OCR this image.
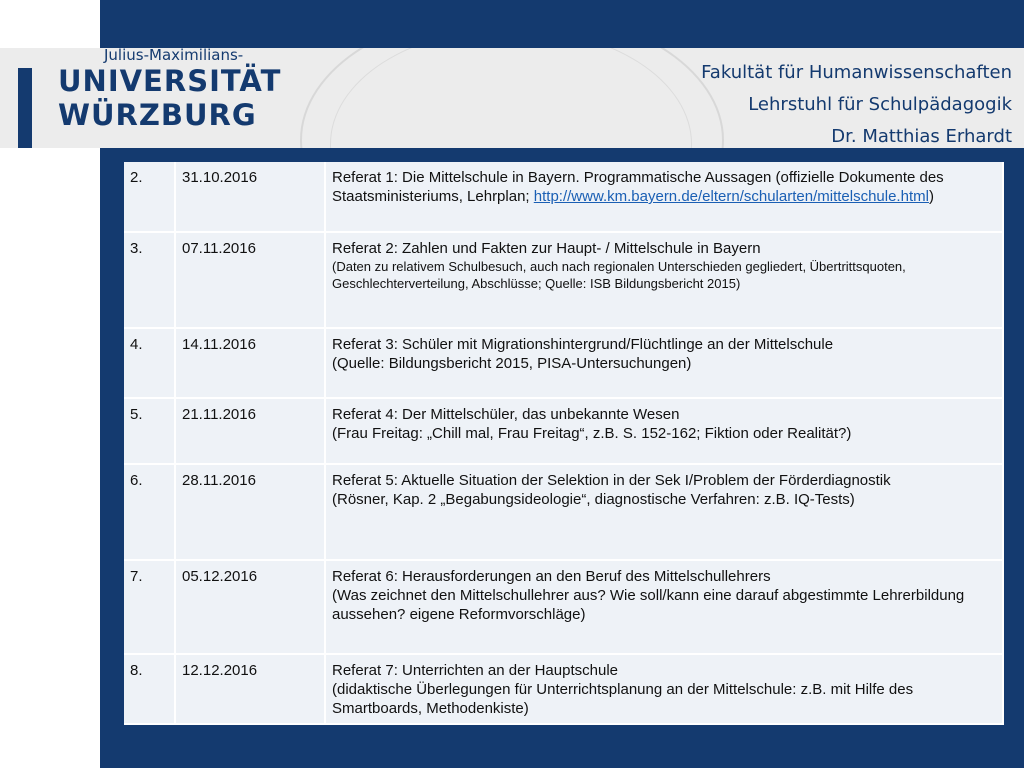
Julius-Maximilians-
UNIVERSITÄT
WÜRZBURG
Fakultät für Humanwissenschaften
Lehrstuhl für Schulpädagogik
Dr. Matthias Erhardt
2.	31.10.2016	Referat 1: Die Mittelschule in Bayern. Programmatische Aussagen (offizielle Dokumente des Staatsministeriums, Lehrplan; http://www.km.bayern.de/eltern/schularten/mittelschule.html)
3.	07.11.2016	Referat 2: Zahlen und Fakten zur Haupt- / Mittelschule in Bayern
(Daten zu relativem Schulbesuch, auch nach regionalen Unterschieden gegliedert, Übertrittsquoten, Geschlechterverteilung, Abschlüsse; Quelle: ISB Bildungsbericht 2015)

4.	14.11.2016	Referat 3: Schüler mit Migrationshintergrund/Flüchtlinge an der Mittelschule
(Quelle: Bildungsbericht 2015, PISA-Untersuchungen)

5.	21.11.2016	Referat 4: Der Mittelschüler, das unbekannte Wesen
(Frau Freitag: „Chill mal, Frau Freitag“, z.B. S. 152-162; Fiktion oder Realität?)

6.	28.11.2016	Referat 5: Aktuelle Situation der Selektion in der Sek I/Problem der Förderdiagnostik
(Rösner, Kap. 2 „Begabungsideologie“, diagnostische Verfahren: z.B. IQ-Tests)

7.	05.12.2016	Referat 6: Herausforderungen an den Beruf des Mittelschullehrers
(Was zeichnet den Mittelschullehrer aus? Wie soll/kann eine darauf abgestimmte Lehrerbildung aussehen? eigene Reformvorschläge)

8.	12.12.2016	Referat 7: Unterrichten an der Hauptschule
(didaktische Überlegungen für Unterrichtsplanung an der Mittelschule: z.B. mit Hilfe des Smartboards, Methodenkiste)
